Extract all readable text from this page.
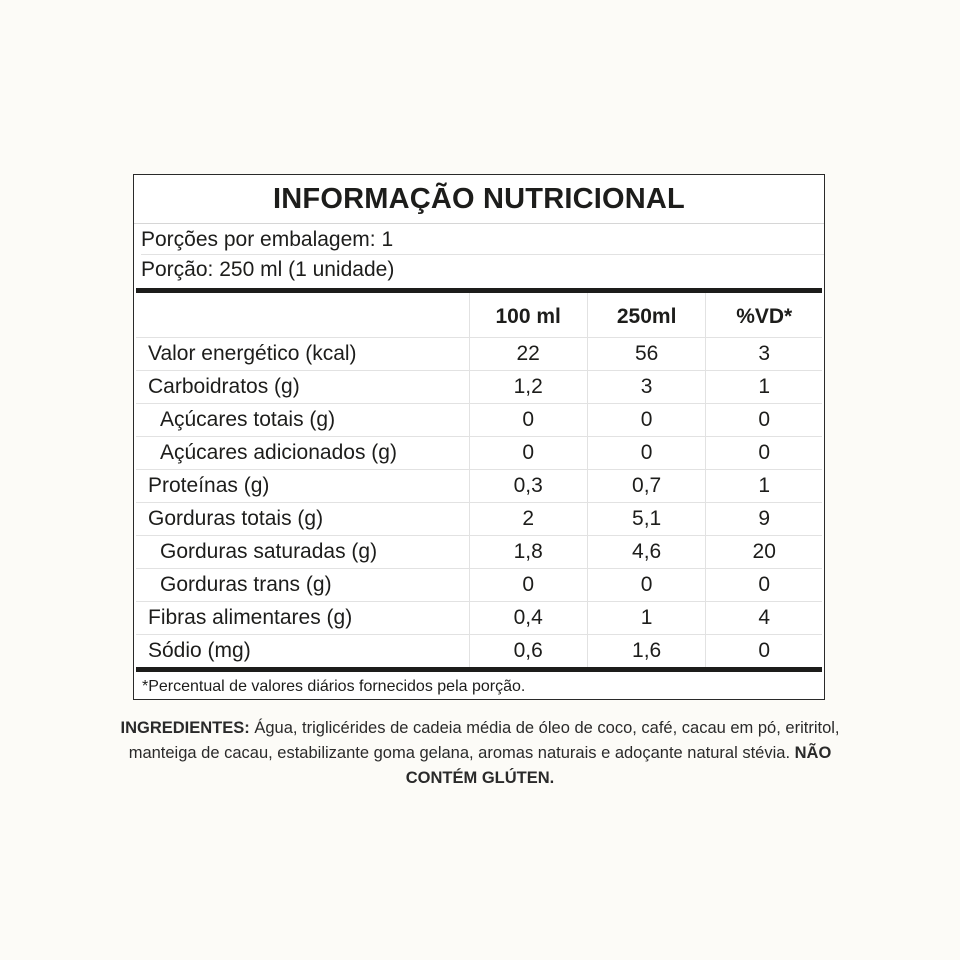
INFORMAÇÃO NUTRICIONAL
Porções por embalagem: 1
Porção: 250 ml (1 unidade)
	100 ml	250ml	%VD*
Valor energético (kcal)	22	56	3
Carboidratos (g)	1,2	3	1
Açúcares totais (g)	0	0	0
Açúcares adicionados (g)	0	0	0
Proteínas (g)	0,3	0,7	1
Gorduras totais (g)	2	5,1	9
Gorduras saturadas (g)	1,8	4,6	20
Gorduras trans (g)	0	0	0
Fibras alimentares (g)	0,4	1	4
Sódio (mg)	0,6	1,6	0
*Percentual de valores diários fornecidos pela porção.
INGREDIENTES: Água, triglicérides de cadeia média de óleo de coco, café, cacau em pó, eritritol, manteiga de cacau, estabilizante goma gelana, aromas naturais e adoçante natural stévia. NÃO CONTÉM GLÚTEN.
